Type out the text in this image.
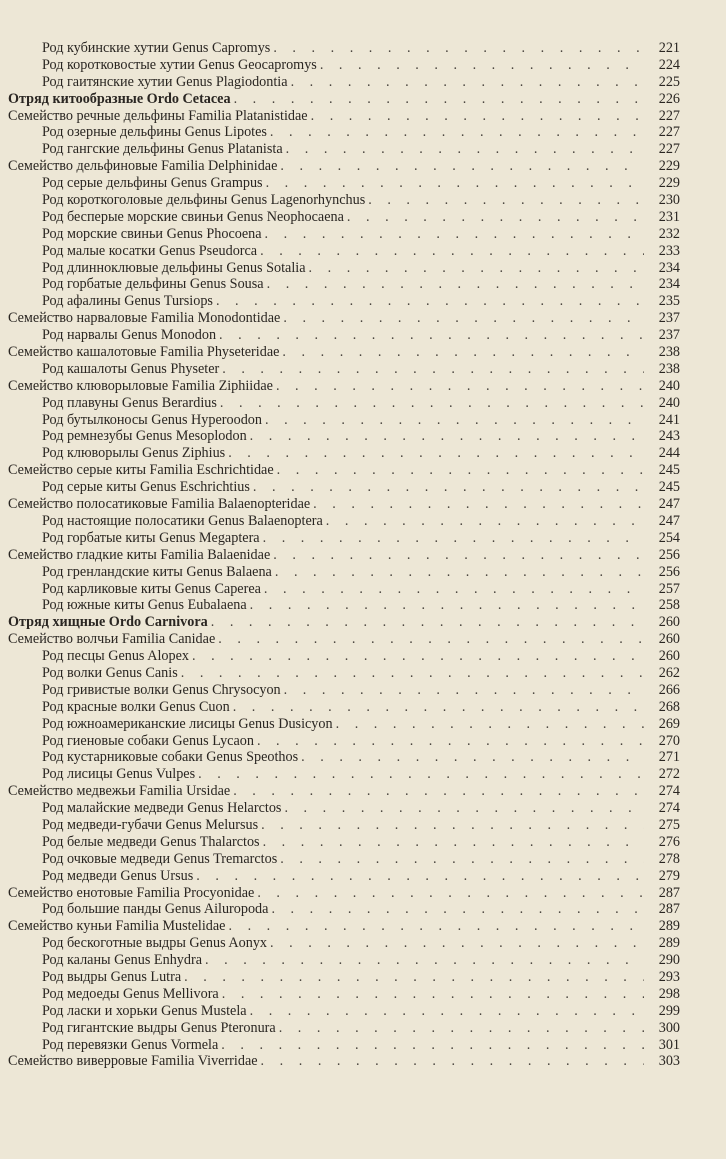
Род кубинские хутии Genus Capromys . . .	221
Род коротковостые хутии Genus Geocapromys . . .	224
Род гаитянские хутии Genus Plagiodontia . . .	225
Отряд китообразные Ordo Cetacea . . .	226
Семейство речные дельфины Familia Platanistidae . . .	227
Род озерные дельфины Genus Lipotes . . .	227
Род гангские дельфины Genus Platanista . . .	227
Семейство дельфиновые Familia Delphinidae . . .	229
Род серые дельфины Genus Grampus . . .	229
Род короткоголовые дельфины Genus Lagenorhynchus . . .	230
Род бесперые морские свиньи Genus Neophocaena . . .	231
Род морские свиньи Genus Phocoena . . .	232
Род малые косатки Genus Pseudorca . . .	233
Род длинноклювые дельфины Genus Sotalia . . .	234
Род горбатые дельфины Genus Sousa . . .	234
Род афалины Genus Tursiops . . .	235
Семейство нарваловые Familia Monodontidae . . .	237
Род нарвалы Genus Monodon . . .	237
Семейство кашалотовые Familia Physeteridae . . .	238
Род кашалоты Genus Physeter . . .	238
Семейство клюворыловые Familia Ziphiidae . . .	240
Род плавуны Genus Berardius . . .	240
Род бутылконосы Genus Hyperoodon . . .	241
Род ремнезубы Genus Mesoplodon . . .	243
Род клюворылы Genus Ziphius . . .	244
Семейство серые киты Familia Eschrichtidae . . .	245
Род серые киты Genus Eschrichtius . . .	245
Семейство полосатиковые Familia Balaenopteridae . . .	247
Род настоящие полосатики Genus Balaenoptera . . .	247
Род горбатые киты Genus Megaptera . . .	254
Семейство гладкие киты Familia Balaenidae . . .	256
Род гренландские киты Genus Balaena . . .	256
Род карликовые киты Genus Caperea . . .	257
Род южные киты Genus Eubalaena . . .	258
Отряд хищные Ordo Carnivora . . .	260
Семейство волчьи Familia Canidae . . .	260
Род песцы Genus Alopex . . .	260
Род волки Genus Canis . . .	262
Род гривистые волки Genus Chrysocyon . . .	266
Род красные волки Genus Cuon . . .	268
Род южноамериканские лисицы Genus Dusicyon . . .	269
Род гиеновые собаки Genus Lycaon . . .	270
Род кустарниковые собаки Genus Speothos . . .	271
Род лисицы Genus Vulpes . . .	272
Семейство медвежьи Familia Ursidae . . .	274
Род малайские медведи Genus Helarctos . . .	274
Род медведи-губачи Genus Melursus . . .	275
Род белые медведи Genus Thalarctos . . .	276
Род очковые медведи Genus Tremarctos . . .	278
Род медведи Genus Ursus . . .	279
Семейство енотовые Familia Procyonidae . . .	287
Род большие панды Genus Ailuropoda . . .	287
Семейство куньи Familia Mustelidae . . .	289
Род бескоготные выдры Genus Aonyx . . .	289
Род каланы Genus Enhydra . . .	290
Род выдры Genus Lutra . . .	293
Род медоеды Genus Mellivora . . .	298
Род ласки и хорьки Genus Mustela . . .	299
Род гигантские выдры Genus Pteronura . . .	300
Род перевязки Genus Vormela . . .	301
Семейство виверровые Familia Viverridae . . .	303
